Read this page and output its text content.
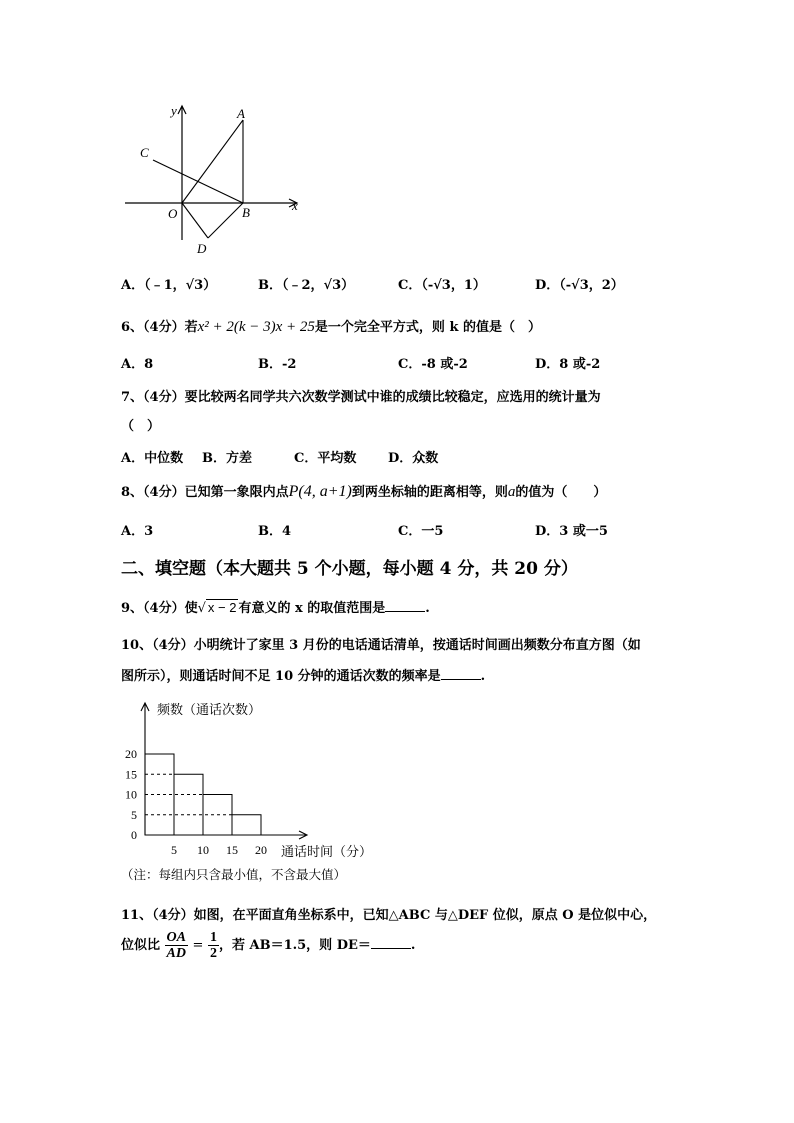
y	A
C
x
O	B
D
A．（﹣1，√3）	B．（﹣2，√3）	C．（-√3，1）	D．（-√3，2）
6、（4分）若x² + 2(k − 3)x + 25是一个完全平方式，则 k 的值是（　）
A．8	B．-2	C．-8 或-2	D．8 或-2
7、（4分）要比较两名同学共六次数学测试中谁的成绩比较稳定，应选用的统计量为
（　）
A．中位数 B．方差	C．平均数 D．众数
8、（4分）已知第一象限内点P(4, a+1)到两坐标轴的距离相等，则a的值为（　　）
A．3	B．4	C．一5	D．3 或一5
二、填空题（本大题共 5 个小题，每小题 4 分，共 20 分）
9、（4分）使√ x − 2 有意义的 x 的取值范围是	.
10、（4分）小明统计了家里 3 月份的电话通话清单，按通话时间画出频数分布直方图（如
图所示），则通话时间不足 10 分钟的通话次数的频率是	.
0
5
10
15
20
5 10 15 20
频数（通话次数）
通话时间（分）
（注：每组内只含最小值，不含最大值）
11、（4分）如图，在平面直角坐标系中，已知△ABC 与△DEF 位似，原点 O 是位似中心，
位似比 $\frac{OA}{AD} = \frac{1}{2}$ ，若 AB＝1.5，则 DE＝	.
